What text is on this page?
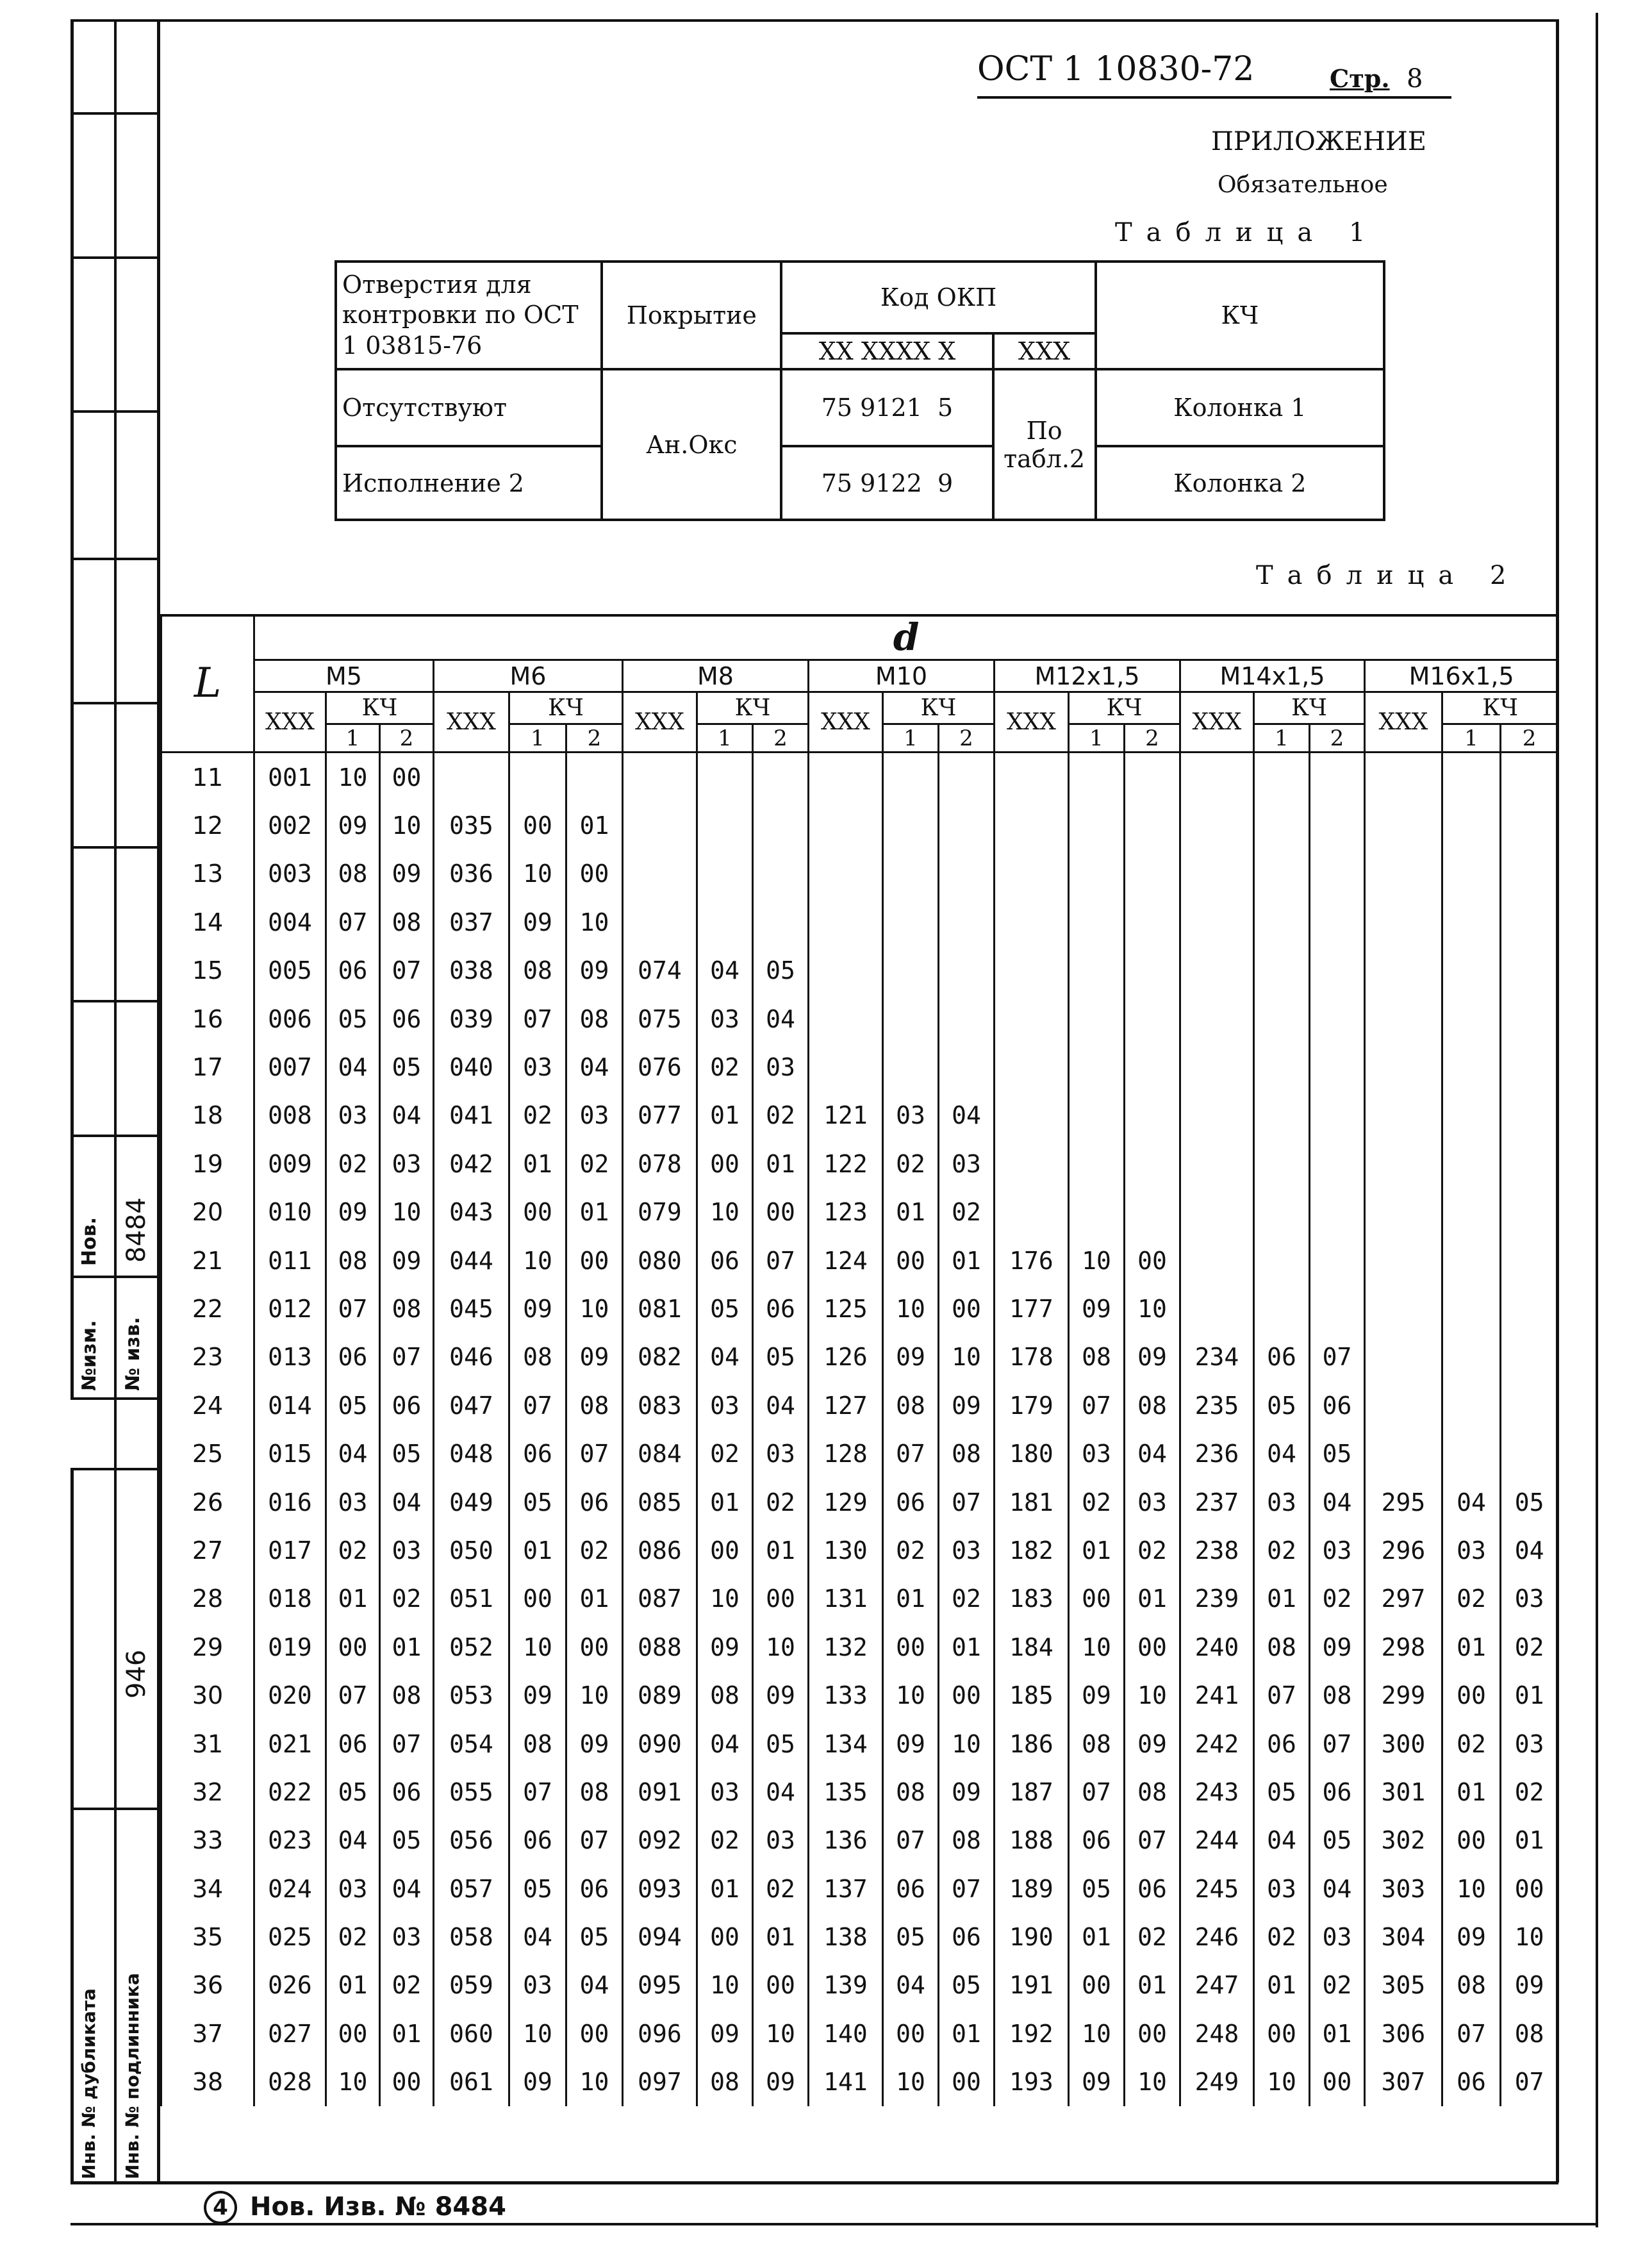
Нов. 8484
№изм. № изв.
946
Инв. № дубликата Инв. № подлинника
ОСТ 1 10830-72	Стр. 8
ПРИЛОЖЕНИЕ
Обязательное
Таблица 1
Отверстия для контровки по ОСТ 1 03815-76	Покрытие	Код ОКП		КЧ
		XX XXXX X	XXX	
Отсутствуют	Ан.Окс	75 9121  5	По табл.2	Колонка 1
Исполнение 2		75 9122  9		Колонка 2
Таблица 2
L	d																				
	M5			M6			M8			M10			M12x1,5			M14x1,5			M16x1,5		
	XXX	КЧ		XXX	КЧ		XXX	КЧ		XXX	КЧ		XXX	КЧ		XXX	КЧ		XXX	КЧ	
		1	2		1	2		1	2		1	2		1	2		1	2		1	2
11	001	10	00																		
12	002	09	10	035	00	01															
13	003	08	09	036	10	00															
14	004	07	08	037	09	10															
15	005	06	07	038	08	09	074	04	05												
16	006	05	06	039	07	08	075	03	04												
17	007	04	05	040	03	04	076	02	03												
18	008	03	04	041	02	03	077	01	02	121	03	04									
19	009	02	03	042	01	02	078	00	01	122	02	03									
20	010	09	10	043	00	01	079	10	00	123	01	02									
21	011	08	09	044	10	00	080	06	07	124	00	01	176	10	00						
22	012	07	08	045	09	10	081	05	06	125	10	00	177	09	10						
23	013	06	07	046	08	09	082	04	05	126	09	10	178	08	09	234	06	07			
24	014	05	06	047	07	08	083	03	04	127	08	09	179	07	08	235	05	06			
25	015	04	05	048	06	07	084	02	03	128	07	08	180	03	04	236	04	05			
26	016	03	04	049	05	06	085	01	02	129	06	07	181	02	03	237	03	04	295	04	05
27	017	02	03	050	01	02	086	00	01	130	02	03	182	01	02	238	02	03	296	03	04
28	018	01	02	051	00	01	087	10	00	131	01	02	183	00	01	239	01	02	297	02	03
29	019	00	01	052	10	00	088	09	10	132	00	01	184	10	00	240	08	09	298	01	02
30	020	07	08	053	09	10	089	08	09	133	10	00	185	09	10	241	07	08	299	00	01
31	021	06	07	054	08	09	090	04	05	134	09	10	186	08	09	242	06	07	300	02	03
32	022	05	06	055	07	08	091	03	04	135	08	09	187	07	08	243	05	06	301	01	02
33	023	04	05	056	06	07	092	02	03	136	07	08	188	06	07	244	04	05	302	00	01
34	024	03	04	057	05	06	093	01	02	137	06	07	189	05	06	245	03	04	303	10	00
35	025	02	03	058	04	05	094	00	01	138	05	06	190	01	02	246	02	03	304	09	10
36	026	01	02	059	03	04	095	10	00	139	04	05	191	00	01	247	01	02	305	08	09
37	027	00	01	060	10	00	096	09	10	140	00	01	192	10	00	248	00	01	306	07	08
38	028	10	00	061	09	10	097	08	09	141	10	00	193	09	10	249	10	00	307	06	07
4 Нов. Изв. № 8484
